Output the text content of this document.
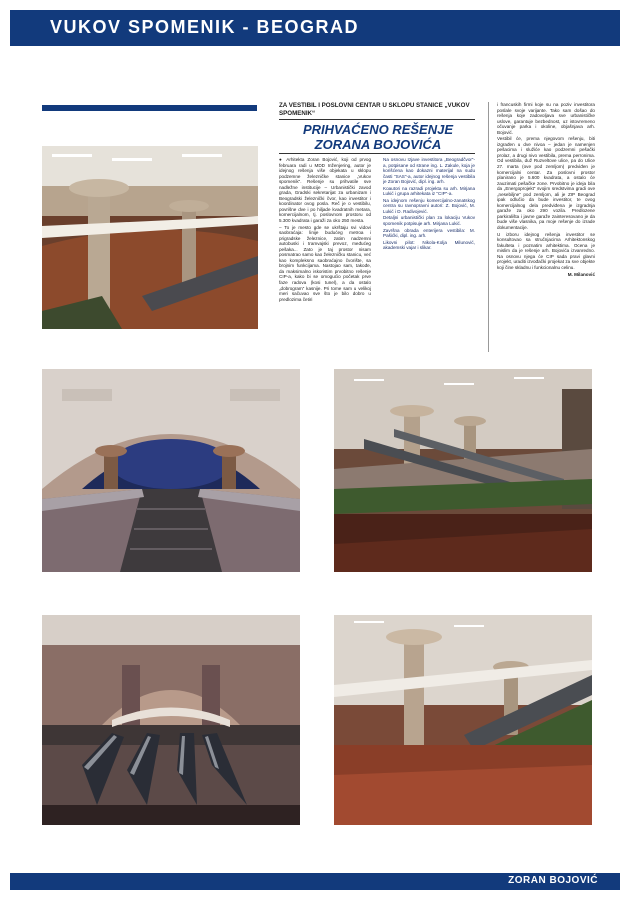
VUKOV SPOMENIK - BEOGRAD
ZA VESTIBIL I POSLOVNI CENTAR U SKLOPU STANICE „VUKOV SPOMENIK“
PRIHVAĆENO REŠENJE
ZORANA BOJOVIĆA

● Arhitekta Zoran Bojović, koji od prvog februara radi u MDD Inženjering, autor je idejnog rešenja više objekata u sklopu podzemne železničke stanice „Vukov spomenik“. Rešenje su prihvatile sve nadležne institucije – Urbanistički zavod grada, Gradski sekretarijat za urbanizam i Beogradski železnički čvor, kao investitor i koordinator ovog posla. Reč je o vestibilu, povrišne dve i po hiljade kvadratnih metara, komercijalnom, tj. poslovnom prostoru od 5.300 kvadrata i garaži za oko 250 mesta.

– To je mesto gde se ukrštaju svi vidovi saobraćaja: linije budućeg metroa i prigradske železnice, zatim nadzemni autobuski i tramvajski prevoz, međućeg pešaka... Zato je taj prostor nisam posmatrao samo kao železničku stanicu, već kao kompleksno saobraćajno čvorište, sa brojnim funkcijama. Nastojao sam, takođe, da maksimalno iskoristim prvobitno rešenje CIP-a, kako bi se omogućio početak prve faze radova (kosi tunel), a da ostalo „dobrogram“ kasnije. Pri tome sam u velikoj meri sačuvao sve što je bilo dobro u predlozima četiri

Na osnovu Izjave investitora „Beogradčvor“-a, potpisane od strane ing. L. Zakule, koja je korišćena kao dokazni materijal na sudu časti "SAS"-a, autor idejnog rešenja vestibila je Zoran Bojović, dipl. ing. arh.

Koautori na razradi projekta su arh. Mirjana Lukić i grupa arhitekata iz "CIP"-a.

Na idejnom rešenju komercijalno-zanatskog centra su ravnopravni autori: Z. Bojović, M. Lukić i D. Radivojević.

Detaljni urbanistički plan za lokaciju Vukov spomenik potpisuje arh. Mirjana Lukić.

Završna obrada enterijera vestibila: M. Pašićki, dipl. ing. arh.

Likovni pilot: Nikola-Kolja Milunović, akademski vajar i slikar.

i francuskih firmi koje su na poziv investitora poslale svoje varijante. Tako sam došao do rešenja koje zadovoljava sve urbanističke uslove, garantuje bezbednost, uz istovremeno očuvanje parka i okoline, objašnjava arh. Bojović.

Vestibil će, prema njegovom rešenju, biti izgrađen u dve nivoa – jedan je namenjen pešacima i služiće kao podzemni pešački prolaz, a drugi nivo vestibila, prema perronima. Od vestibila, duž Ruzveltove ulice, pa do Ulice 27. marta (ove pod zemljom) predviđen je komercijalni centar. Za poslovni prostor planirano je 5.600 kvadrata, a ostalo će zauzimati pešačke zone. Prvobitno je ideja bila da „Energoprojekt“ svojim sredstvima gradi ove „nesebiljne“ pod zemljom, ali je ZIP Beograd ipak odlučio da bude investitor, te ovog komercijalnog dela predviđena je izgradnja garaže za oko 290 vozila. Predlozene parkirališta i javne garaže zainteresovano je da bude više vlasnika, pa moje rešenje do izrade dokumentacije.

U izboru idejnog rešenja investitor se konsultovao sa stručnjacima Arhitektonskog fakulteta i poznatim arhitektima. Ocena je mislim da je rešenje arh. Bojovića izvanredno. Na osnovu njega će CIP sada pravi glavni projekt, uraditi izvođački projekat za sve objekte koji čine skladnu i funkcionalnu celinu.

M. Milanović
ZORAN BOJOVIĆ
